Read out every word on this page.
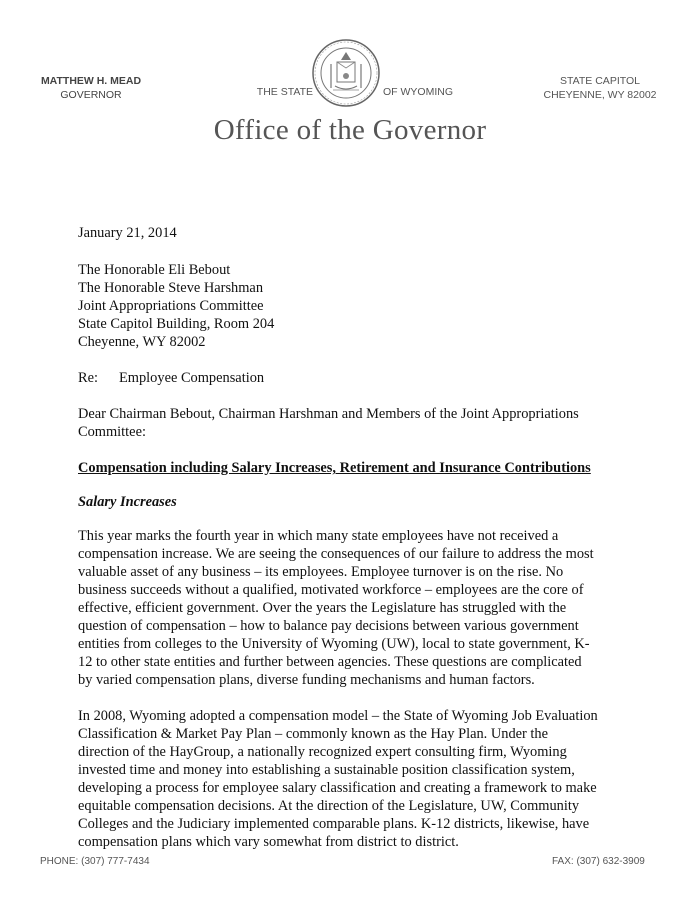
MATTHEW H. MEAD
GOVERNOR	THE STATE	OF WYOMING
STATE CAPITOL
CHEYENNE, WY 82002
Office of the Governor

January 21, 2014

The Honorable Eli Bebout

The Honorable Steve Harshman

Joint Appropriations Committee

State Capitol Building, Room 204

Cheyenne, WY 82002

Re: Employee Compensation

Dear Chairman Bebout, Chairman Harshman and Members of the Joint Appropriations Committee:

Compensation including Salary Increases, Retirement and Insurance Contributions

Salary Increases

This year marks the fourth year in which many state employees have not received a compensation increase. We are seeing the consequences of our failure to address the most valuable asset of any business – its employees. Employee turnover is on the rise. No business succeeds without a qualified, motivated workforce – employees are the core of effective, efficient government. Over the years the Legislature has struggled with the question of compensation – how to balance pay decisions between various government entities from colleges to the University of Wyoming (UW), local to state government, K-12 to other state entities and further between agencies. These questions are complicated by varied compensation plans, diverse funding mechanisms and human factors.

In 2008, Wyoming adopted a compensation model – the State of Wyoming Job Evaluation Classification & Market Pay Plan – commonly known as the Hay Plan. Under the direction of the HayGroup, a nationally recognized expert consulting firm, Wyoming invested time and money into establishing a sustainable position classification system, developing a process for employee salary classification and creating a framework to make equitable compensation decisions. At the direction of the Legislature, UW, Community Colleges and the Judiciary implemented comparable plans. K-12 districts, likewise, have compensation plans which vary somewhat from district to district.

PHONE: (307) 777-7434	FAX: (307) 632-3909
